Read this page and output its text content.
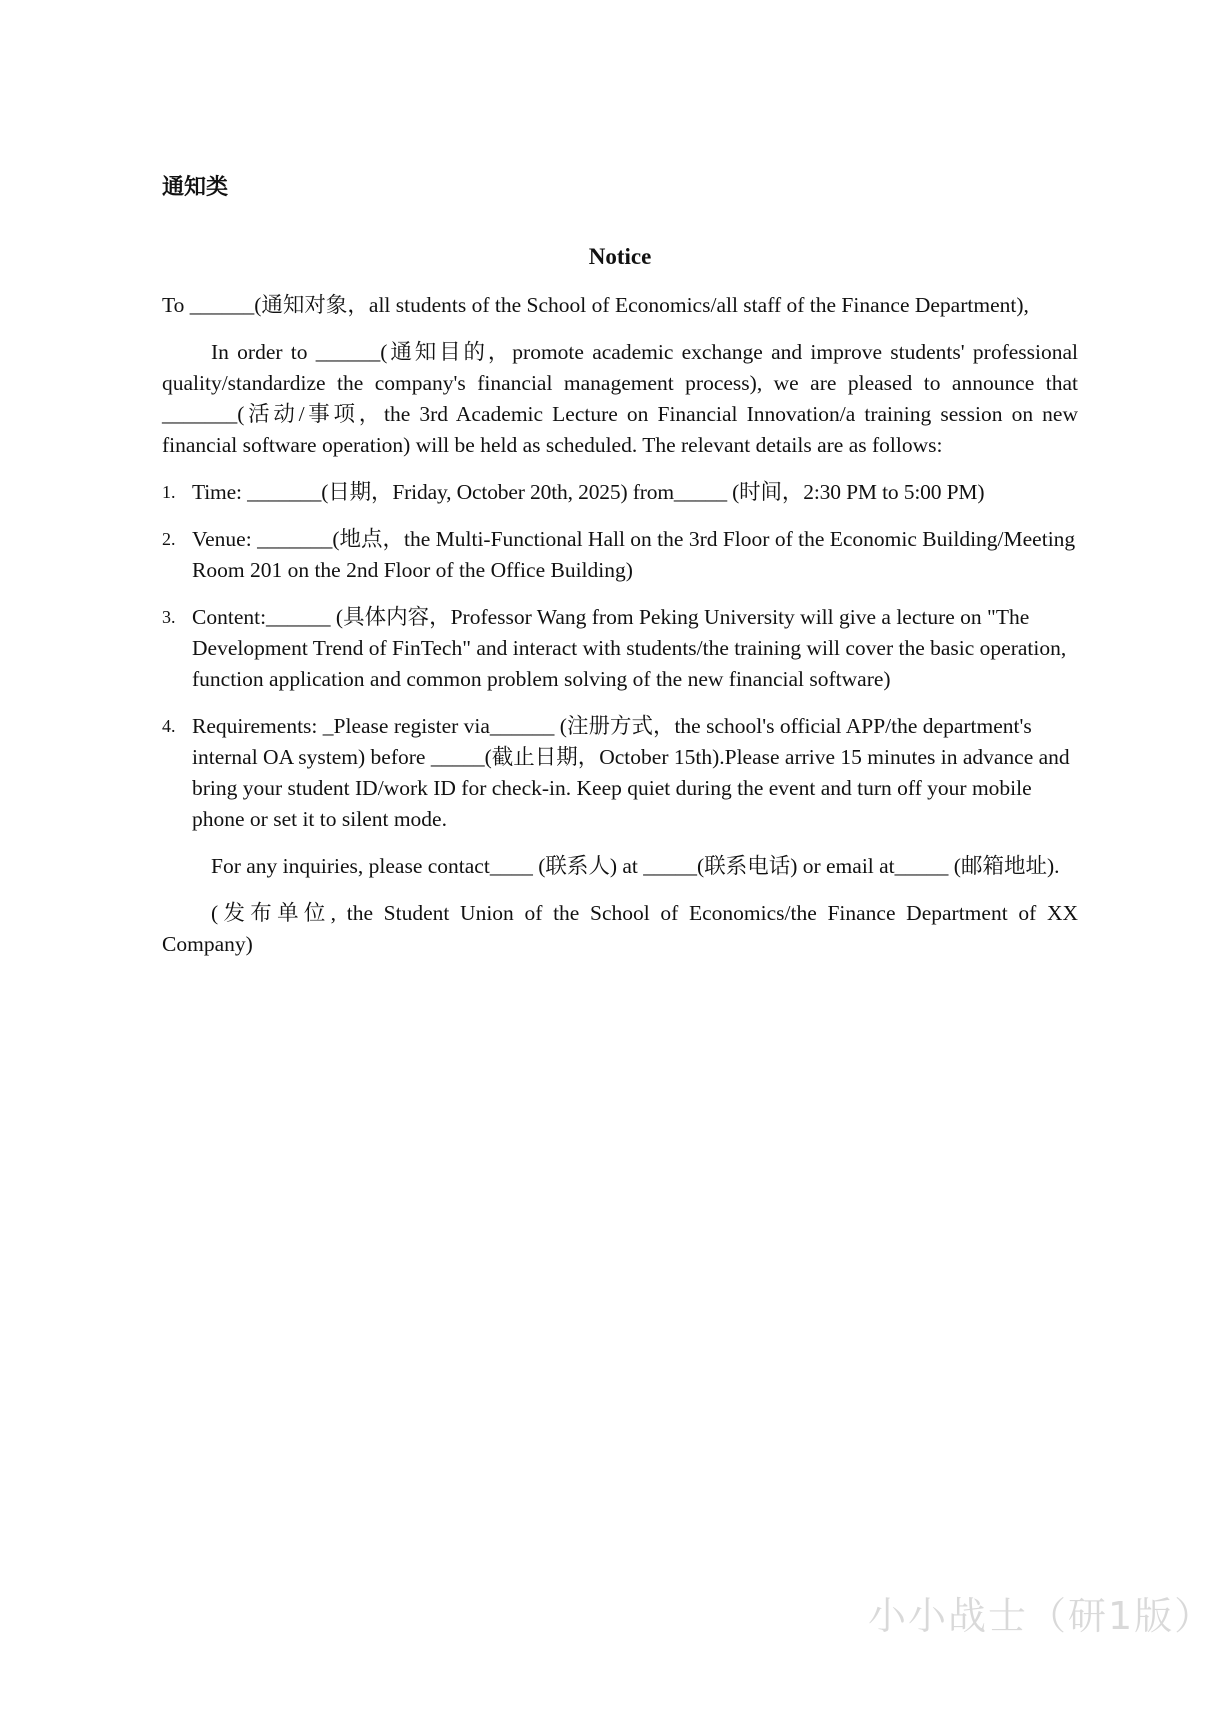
通知类
Notice

To ______(通知对象，all students of the School of Economics/all staff of the Finance Department),

In order to ______(通知目的，promote academic exchange and improve students' professional quality/standardize the company's financial management process), we are pleased to announce that _______(活动/事项，the 3rd Academic Lecture on Financial Innovation/a training session on new financial software operation) will be held as scheduled. The relevant details are as follows:

1. Time: _______(日期，Friday, October 20th, 2025) from_____ (时间，2:30 PM to 5:00 PM)
2. Venue: _______(地点，the Multi-Functional Hall on the 3rd Floor of the Economic Building/Meeting Room 201 on the 2nd Floor of the Office Building)
3. Content:______ (具体内容，Professor Wang from Peking University will give a lecture on "The Development Trend of FinTech" and interact with students/the training will cover the basic operation, function application and common problem solving of the new financial software)
4. Requirements: _Please register via______ (注册方式，the school's official APP/the department's internal OA system) before _____(截止日期，October 15th).Please arrive 15 minutes in advance and bring your student ID/work ID for check-in. Keep quiet during the event and turn off your mobile phone or set it to silent mode.

For any inquiries, please contact____ (联系人) at _____(联系电话) or email at_____ (邮箱地址).

(发布单位, the Student Union of the School of Economics/the Finance Department of XX Company)

小小战士（研1版）
